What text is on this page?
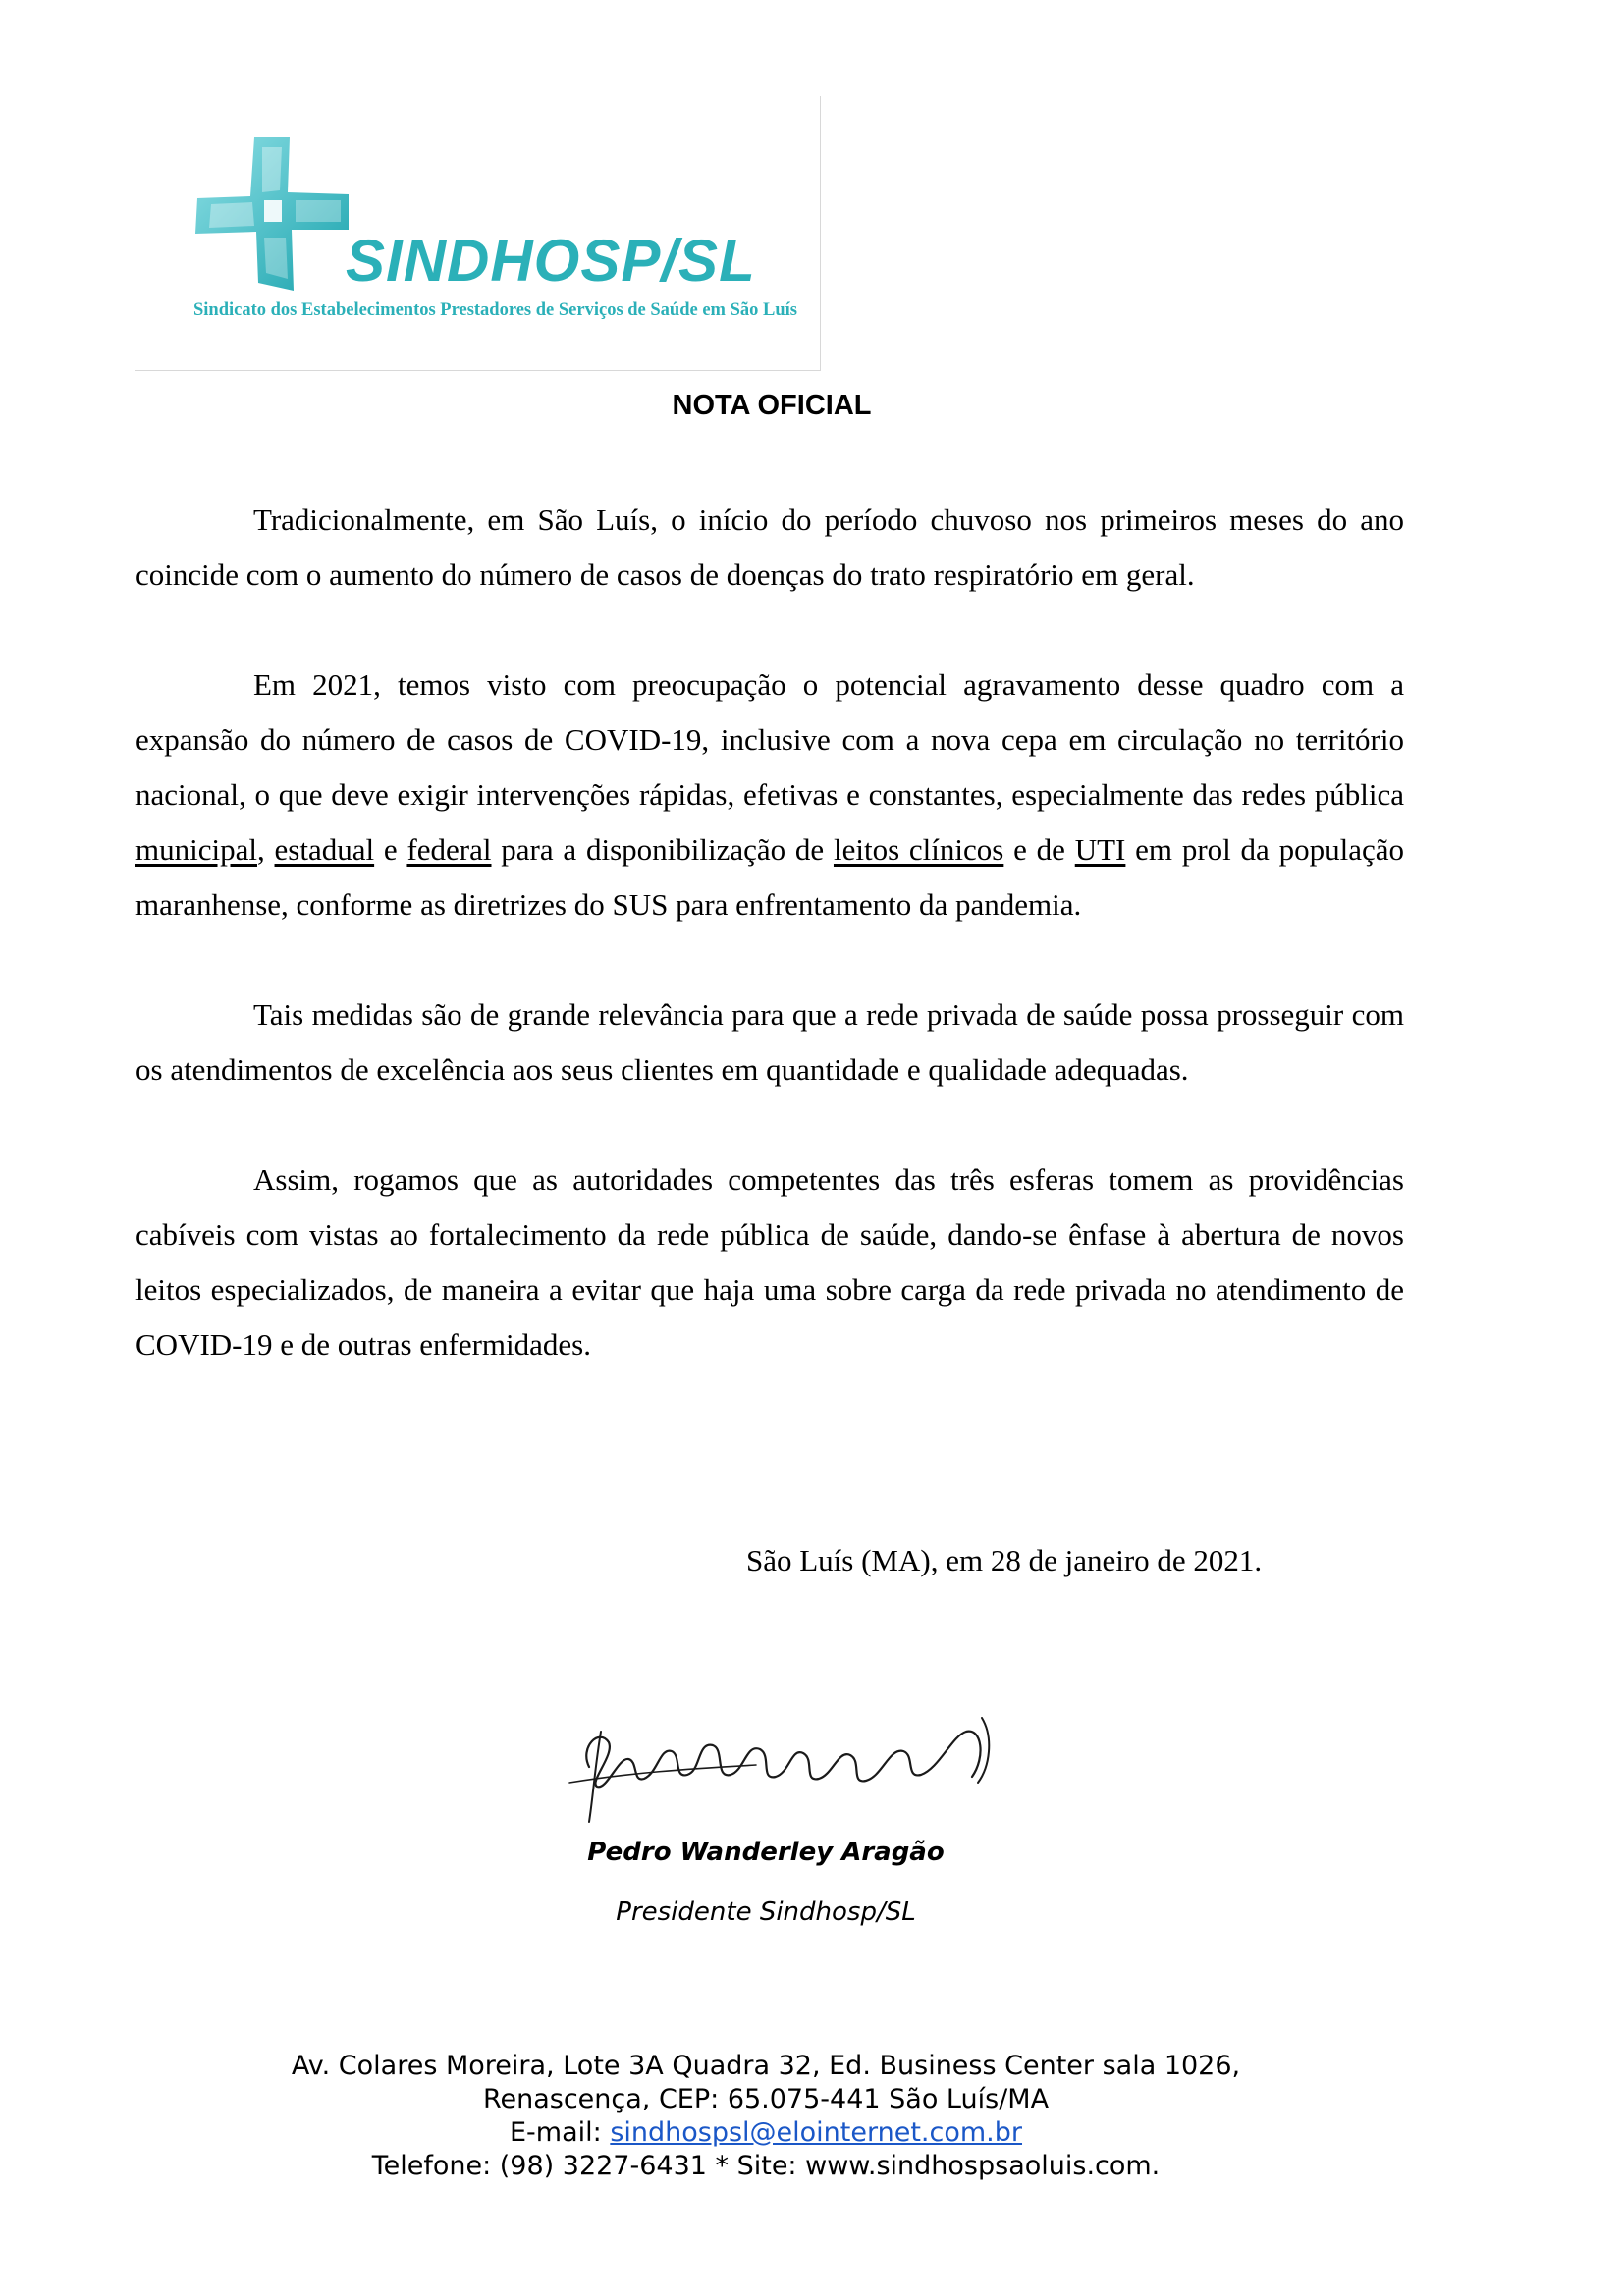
SINDHOSP/SL
Sindicato dos Estabelecimentos Prestadores de Serviços de Saúde em São Luís
NOTA OFICIAL

Tradicionalmente, em São Luís, o início do período chuvoso nos primeiros meses do ano coincide com o aumento do número de casos de doenças do trato respiratório em geral.

Em 2021, temos visto com preocupação o potencial agravamento desse quadro com a expansão do número de casos de COVID-19, inclusive com a nova cepa em circulação no território nacional, o que deve exigir intervenções rápidas, efetivas e constantes, especialmente das redes pública municipal, estadual e federal para a disponibilização de leitos clínicos e de UTI em prol da população maranhense, conforme as diretrizes do SUS para enfrentamento da pandemia.

Tais medidas são de grande relevância para que a rede privada de saúde possa prosseguir com os atendimentos de excelência aos seus clientes em quantidade e qualidade adequadas.

Assim, rogamos que as autoridades competentes das três esferas tomem as providências cabíveis com vistas ao fortalecimento da rede pública de saúde, dando-se ênfase à abertura de novos leitos especializados, de maneira a evitar que haja uma sobre carga da rede privada no atendimento de COVID-19 e de outras enfermidades.

São Luís (MA), em 28 de janeiro de 2021.
Pedro Wanderley Aragão
Presidente Sindhosp/SL
Av. Colares Moreira, Lote 3A Quadra 32, Ed. Business Center sala 1026,
Renascença, CEP: 65.075-441 São Luís/MA
E-mail: sindhospsl@elointernet.com.br
Telefone: (98) 3227-6431 * Site: www.sindhospsaoluis.com.
